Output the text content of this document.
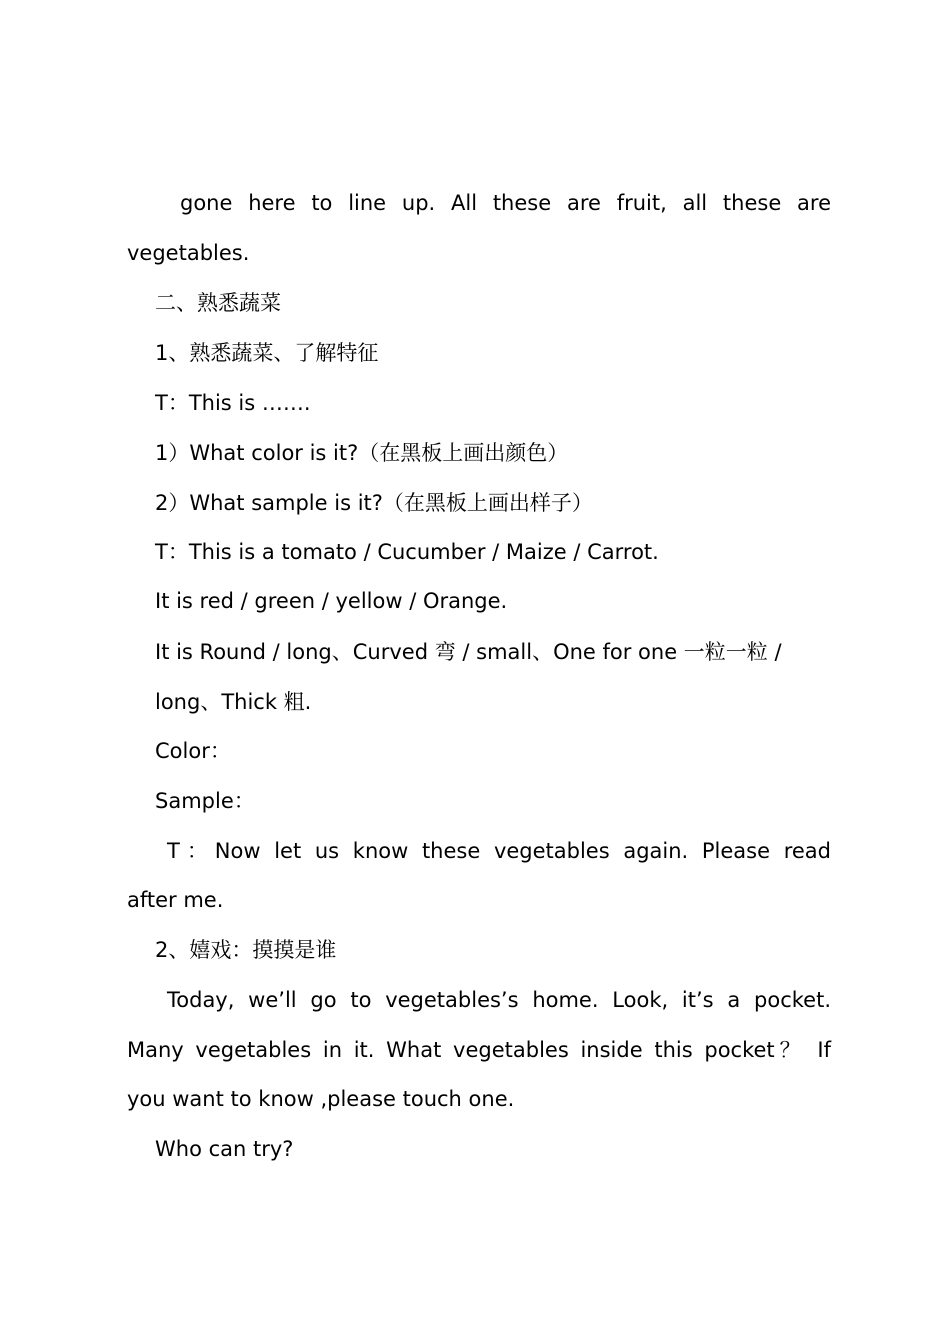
gone here to line up. All these are fruit, all these are
vegetables.
二、熟悉蔬菜
1、熟悉蔬菜、了解特征
T：This is …….
1）What color is it?（在黑板上画出颜色）
2）What sample is it?（在黑板上画出样子）
T：This is a tomato / Cucumber / Maize / Carrot.
It is red / green / yellow / Orange.
It is Round / long、Curved 弯 / small、One for one 一粒一粒 /
long、Thick 粗.
Color：
Sample：
T：Now let us know these vegetables again. Please read
after me.
2、嬉戏：摸摸是谁
Today, we’ll go to vegetables’s home. Look, it’s a pocket.
Many vegetables in it. What vegetables inside this pocket？ If
you want to know ,please touch one.
Who can try?
